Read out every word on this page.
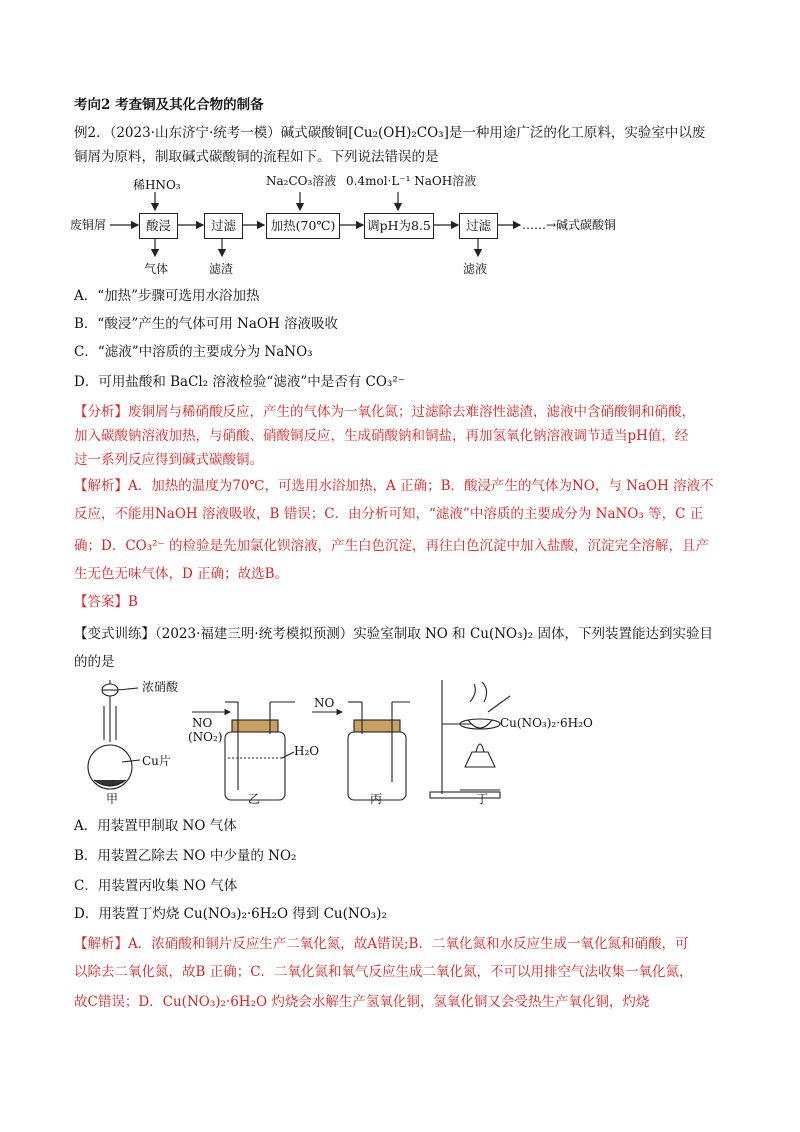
考向2 考查铜及其化合物的制备
例2．（2023·山东济宁·统考一模）碱式碳酸铜[Cu₂(OH)₂CO₃]是一种用途广泛的化工原料，实验室中以废
铜屑为原料，制取碱式碳酸铜的流程如下。下列说法错误的是
废铜屑	酸浸	过滤	加热(70℃)	调pH为8.5	过滤	……→碱式碳酸铜
稀HNO₃	Na₂CO₃溶液 0.4mol·L⁻¹ NaOH溶液
气体	滤渣	滤液
A．“加热”步骤可选用水浴加热
B．“酸浸”产生的气体可用 NaOH 溶液吸收
C．“滤液”中溶质的主要成分为 NaNO₃
D．可用盐酸和 BaCl₂ 溶液检验“滤液”中是否有 CO₃²⁻
【分析】废铜屑与稀硝酸反应，产生的气体为一氧化氮；过滤除去难溶性滤渣，滤液中含硝酸铜和硝酸，
加入碳酸钠溶液加热，与硝酸、硝酸铜反应，生成硝酸钠和铜盐，再加氢氧化钠溶液调节适当pH值，经
过一系列反应得到碱式碳酸铜。
【解析】A．加热的温度为70℃，可选用水浴加热，A 正确；B．酸浸产生的气体为NO，与 NaOH 溶液不
反应，不能用NaOH 溶液吸收，B 错误；C．由分析可知，“滤液”中溶质的主要成分为 NaNO₃ 等，C 正
确；D．CO₃²⁻ 的检验是先加氯化钡溶液，产生白色沉淀，再往白色沉淀中加入盐酸，沉淀完全溶解，且产
生无色无味气体，D 正确；故选B。
【答案】B
【变式训练】（2023·福建三明·统考模拟预测）实验室制取 NO 和 Cu(NO₃)₂ 固体，下列装置能达到实验目
的的是
浓硝酸
Cu片
NO
(NO₂)
H₂O
NO
Cu(NO₃)₂·6H₂O
甲	乙	丙	丁
A．用装置甲制取 NO 气体
B．用装置乙除去 NO 中少量的 NO₂
C．用装置丙收集 NO 气体
D．用装置丁灼烧 Cu(NO₃)₂·6H₂O 得到 Cu(NO₃)₂
【解析】A．浓硝酸和铜片反应生产二氧化氮，故A错误;B．二氧化氮和水反应生成一氧化氮和硝酸，可
以除去二氧化氮，故B 正确；C．二氧化氮和氧气反应生成二氧化氮，不可以用排空气法收集一氧化氮，
故C错误；D．Cu(NO₃)₂·6H₂O 灼烧会水解生产氢氧化铜，氢氧化铜又会受热生产氧化铜，灼烧
